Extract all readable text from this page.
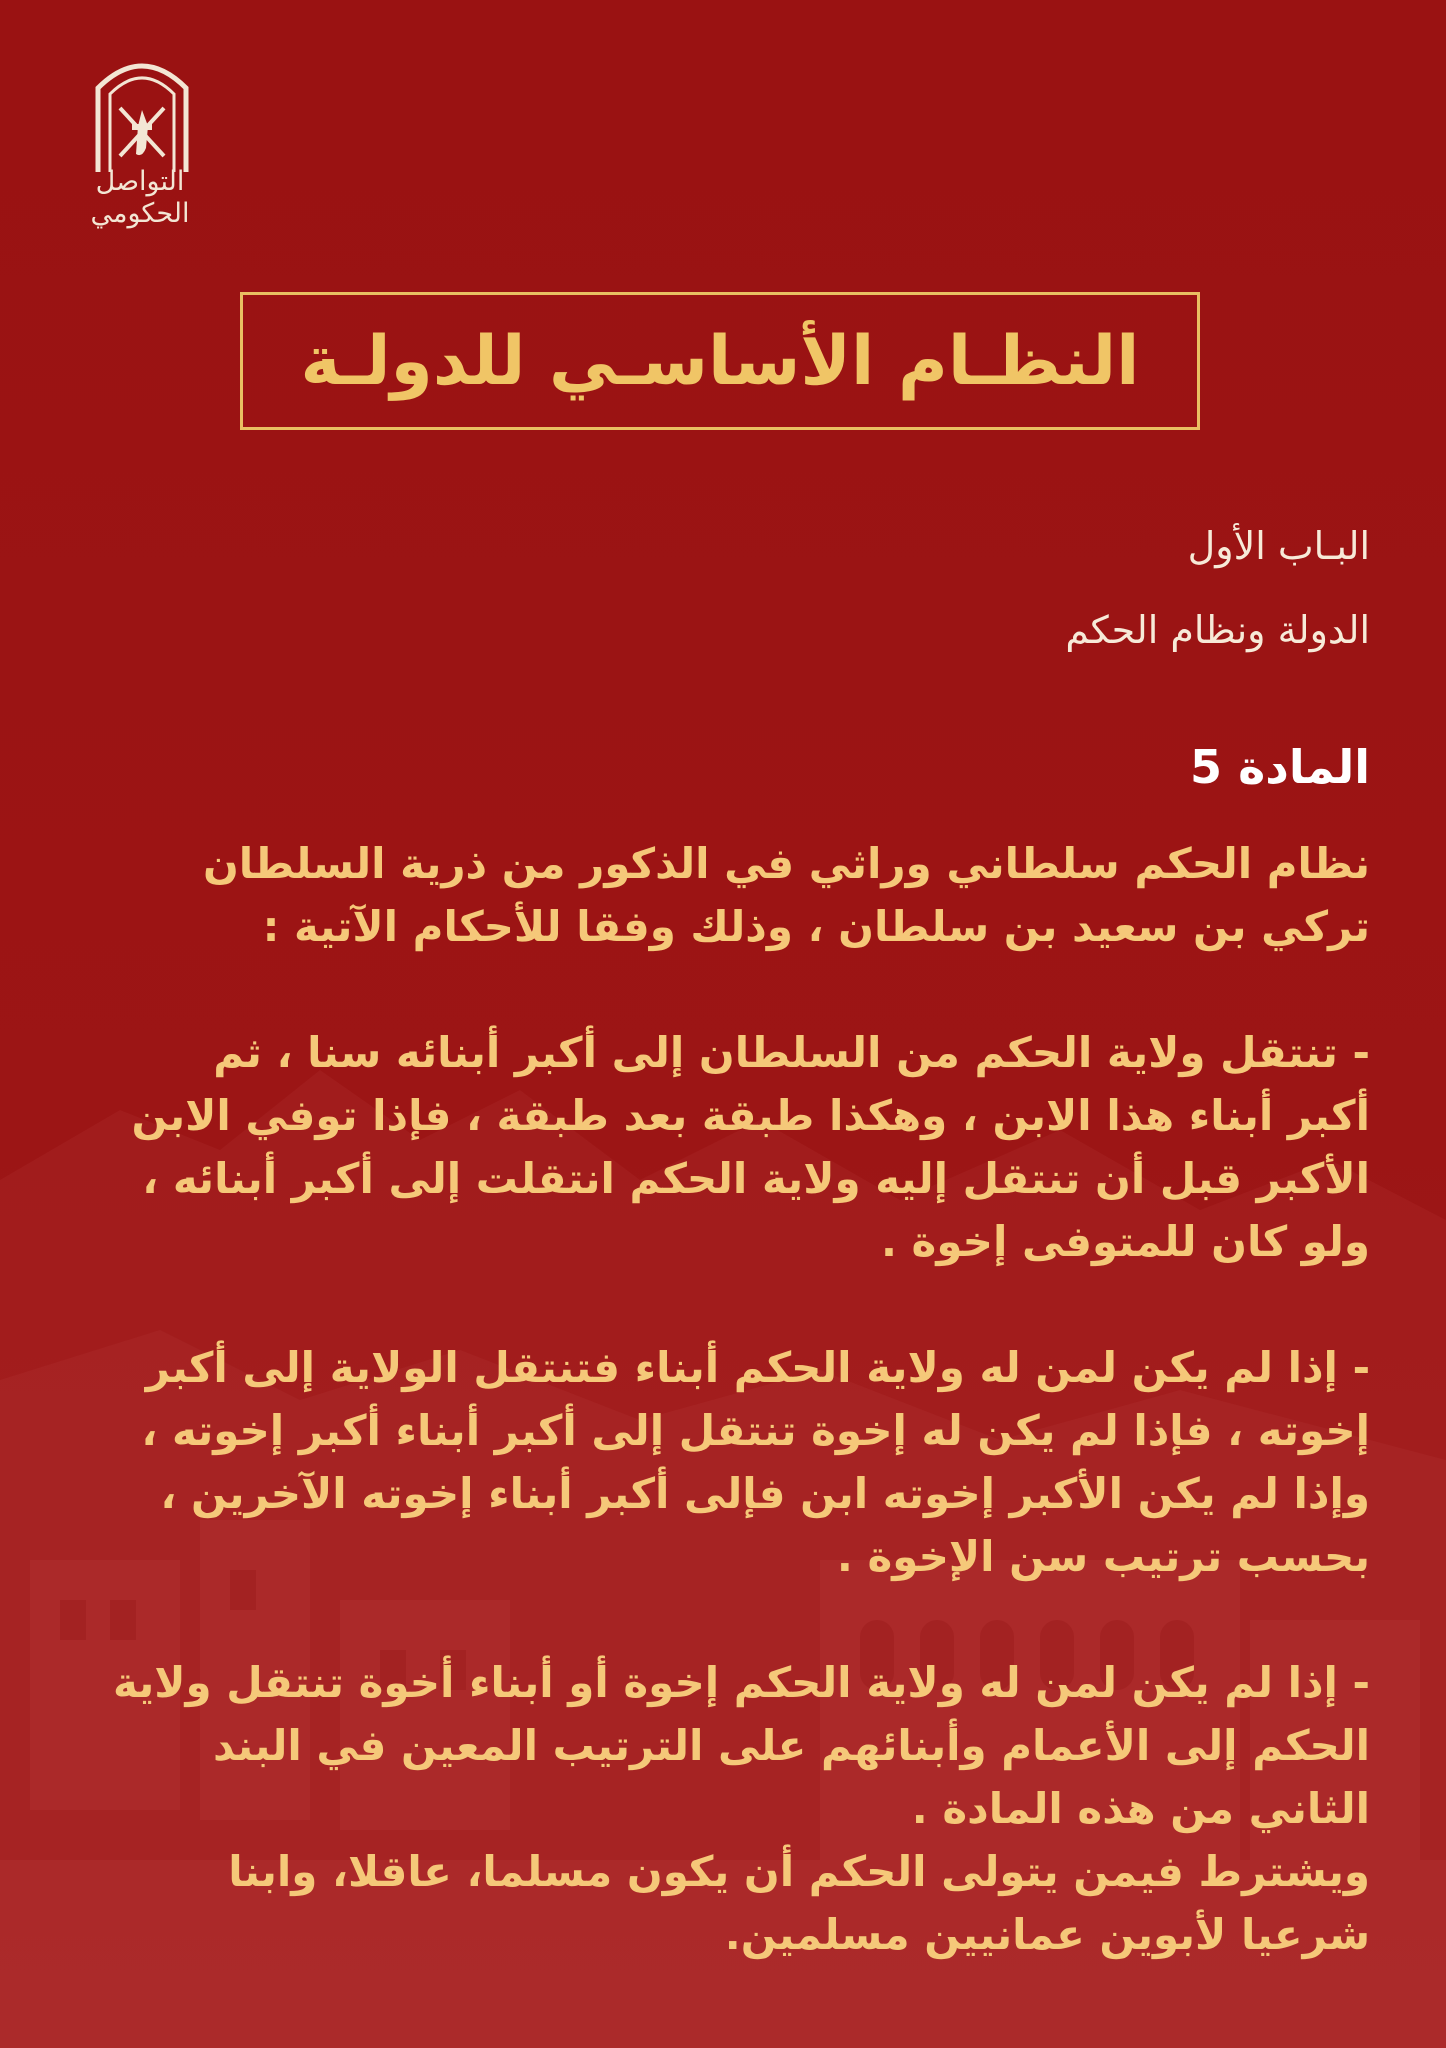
التواصل
الحكومي
النظـام الأساسـي للدولـة
البـاب الأول
الدولة ونظام الحكم
المادة 5

نظام الحكم سلطاني وراثي في الذكور من ذرية السلطان
تركي بن سعيد بن سلطان ، وذلك وفقا للأحكام الآتية :

- تنتقل ولاية الحكم من السلطان إلى أكبر أبنائه سنا ، ثم
أكبر أبناء هذا الابن ، وهكذا طبقة بعد طبقة ، فإذا توفي الابن
الأكبر قبل أن تنتقل إليه ولاية الحكم انتقلت إلى أكبر أبنائه ،
ولو كان للمتوفى إخوة .

- إذا لم يكن لمن له ولاية الحكم أبناء فتنتقل الولاية إلى أكبر
إخوته ، فإذا لم يكن له إخوة تنتقل إلى أكبر أبناء أكبر إخوته ،
وإذا لم يكن الأكبر إخوته ابن فإلى أكبر أبناء إخوته الآخرين ،
بحسب ترتيب سن الإخوة .

- إذا لم يكن لمن له ولاية الحكم إخوة أو أبناء أخوة تنتقل ولاية
الحكم إلى الأعمام وأبنائهم على الترتيب المعين في البند
الثاني من هذه المادة .

ويشترط فيمن يتولى الحكم أن يكون مسلما، عاقلا، وابنا
شرعيا لأبوين عمانيين مسلمين.
